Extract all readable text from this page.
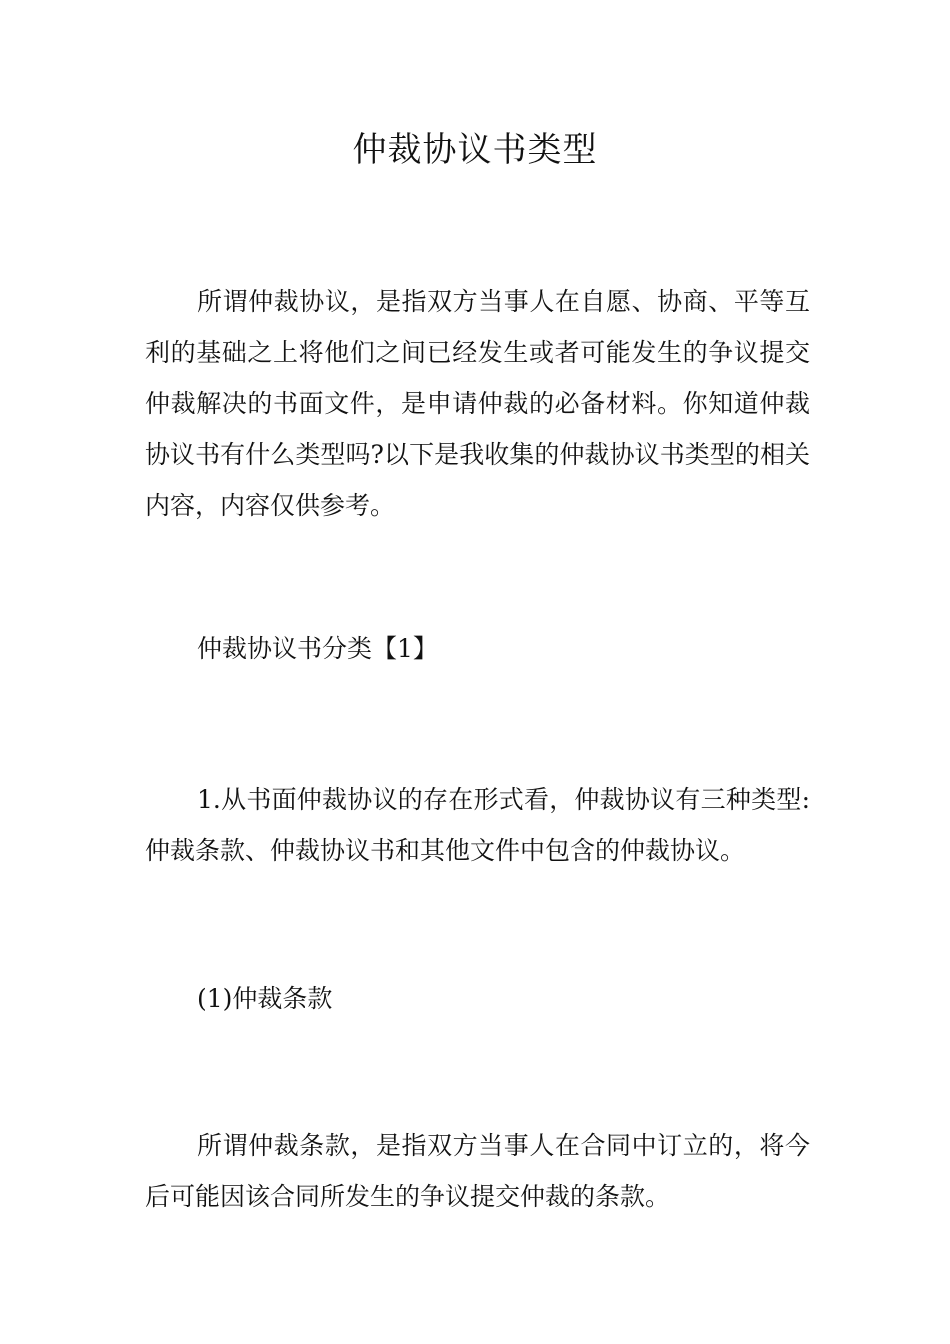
仲裁协议书类型

所谓仲裁协议，是指双方当事人在自愿、协商、平等互利的基础之上将他们之间已经发生或者可能发生的争议提交仲裁解决的书面文件，是申请仲裁的必备材料。你知道仲裁协议书有什么类型吗?以下是我收集的仲裁协议书类型的相关内容，内容仅供参考。

仲裁协议书分类【1】

1.从书面仲裁协议的存在形式看，仲裁协议有三种类型:仲裁条款、仲裁协议书和其他文件中包含的仲裁协议。

(1)仲裁条款

所谓仲裁条款，是指双方当事人在合同中订立的，将今后可能因该合同所发生的争议提交仲裁的条款。
